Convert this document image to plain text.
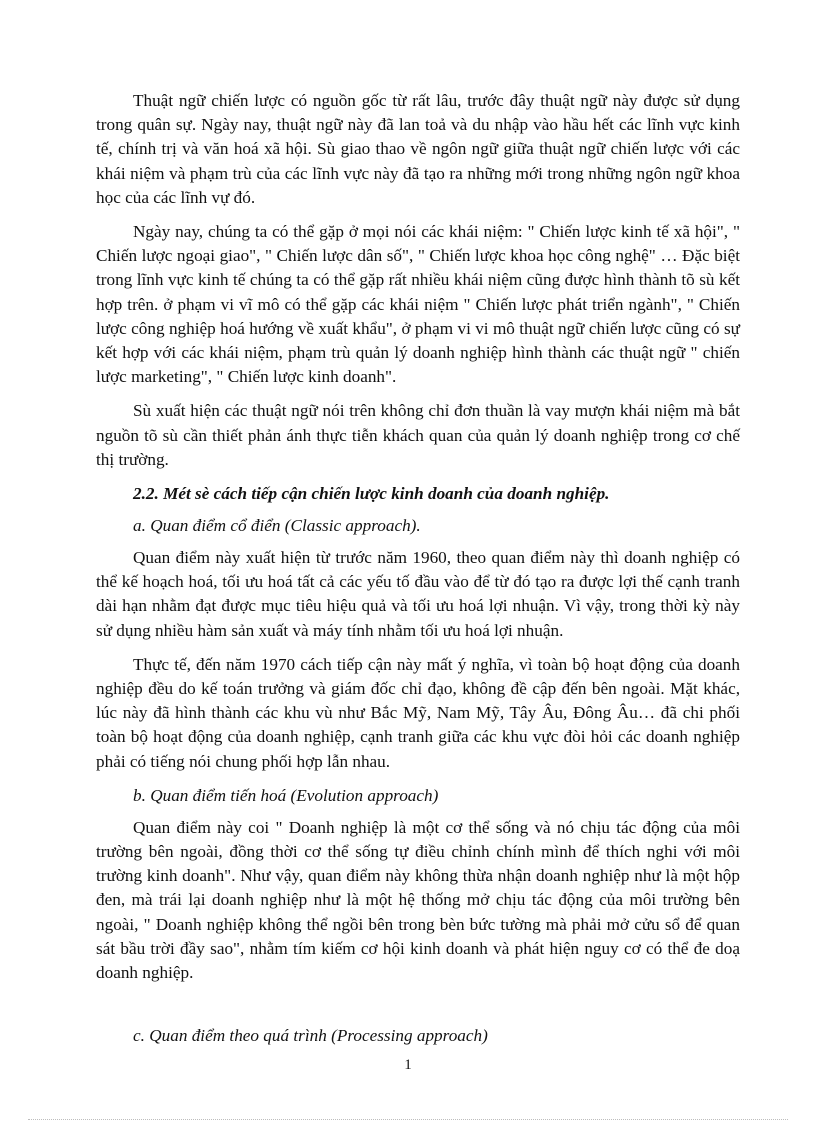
Thuật ngữ chiến lược có nguồn gốc từ rất lâu, trước đây thuật ngữ này được sử dụng trong quân sự. Ngày nay, thuật ngữ này đã lan toả và du nhập vào hầu hết các lĩnh vực kinh tế, chính trị và văn hoá xã hội. Sù giao thao về ngôn ngữ giữa thuật ngữ chiến lược với các khái niệm và phạm trù của các lĩnh vực này đã tạo ra những mới trong những ngôn ngữ khoa học của các lĩnh vự đó.

Ngày nay, chúng ta có thể gặp ở mọi nói các khái niệm: " Chiến lược kinh tế xã hội", " Chiến lược ngoại giao", " Chiến lược dân số", " Chiến lược khoa học công nghệ" … Đặc biệt trong lĩnh vực kinh tế chúng ta có thể gặp rất nhiều khái niệm cũng được hình thành tõ sù kết hợp trên. ở phạm vi vĩ mô có thể gặp các khái niệm " Chiến lược phát triển ngành", " Chiến lược công nghiệp hoá hướng về xuất khẩu", ở phạm vi vi mô thuật ngữ chiến lược cũng có sự kết hợp với các khái niệm, phạm trù quản lý doanh nghiệp hình thành các thuật ngữ " chiến lược marketing", " Chiến lược kinh doanh".

Sù xuất hiện các thuật ngữ nói trên không chỉ đơn thuần là vay mượn khái niệm mà bắt nguồn tõ sù cần thiết phản ánh thực tiễn khách quan của quản lý doanh nghiệp trong cơ chế thị trường.

2.2. Mét sè cách tiếp cận chiến lược kinh doanh của doanh nghiệp.

a. Quan điểm cổ điển (Classic approach).

Quan điểm này xuất hiện từ trước năm 1960, theo quan điểm này thì doanh nghiệp có thể kế hoạch hoá, tối ưu hoá tất cả các yếu tố đầu vào để từ đó tạo ra được lợi thế cạnh tranh dài hạn nhằm đạt được mục tiêu hiệu quả và tối ưu hoá lợi nhuận. Vì vậy, trong thời kỳ này sử dụng nhiều hàm sản xuất và máy tính nhằm tối ưu hoá lợi nhuận.

Thực tế, đến năm 1970 cách tiếp cận này mất ý nghĩa, vì toàn bộ hoạt động của doanh nghiệp đều do kế toán trưởng và giám đốc chỉ đạo, không đề cập đến bên ngoài. Mặt khác, lúc này đã hình thành các khu vù như Bắc Mỹ, Nam Mỹ, Tây Âu, Đông Âu… đã chi phối toàn bộ hoạt động của doanh nghiệp, cạnh tranh giữa các khu vực đòi hỏi các doanh nghiệp phải có tiếng nói chung phối hợp lẫn nhau.

b. Quan điểm tiến hoá (Evolution approach)

Quan điểm này coi " Doanh nghiệp là một cơ thể sống và nó chịu tác động của môi trường bên ngoài, đồng thời cơ thể sống tự điều chỉnh chính mình để thích nghi với môi trường kinh doanh". Như vậy, quan điểm này không thừa nhận doanh nghiệp như là một hộp đen, mà trái lại doanh nghiệp như là một hệ thống mở chịu tác động của môi trường bên ngoài, " Doanh nghiệp không thể ngồi bên trong bèn bức tường mà phải mở cửu sổ để quan sát bầu trời đầy sao", nhằm tím kiếm cơ hội kinh doanh và phát hiện nguy cơ có thể đe doạ doanh nghiệp.

c. Quan điểm theo quá trình (Processing approach)

1
